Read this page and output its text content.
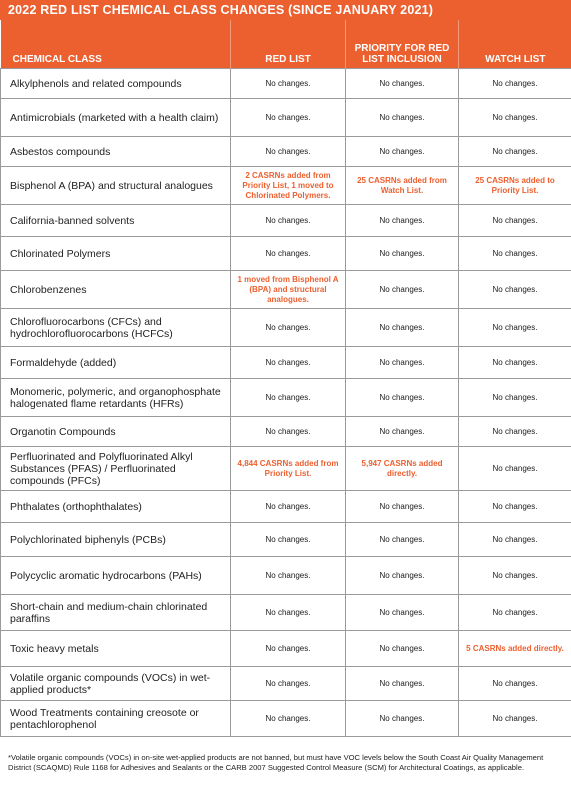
2022 RED LIST CHEMICAL CLASS CHANGES (SINCE JANUARY 2021)
CHEMICAL CLASS	RED LIST	PRIORITY FOR RED LIST INCLUSION	WATCH LIST

Alkylphenols and related compounds	No changes.	No changes.	No changes.
Antimicrobials (marketed with a health claim)	No changes.	No changes.	No changes.
Asbestos compounds	No changes.	No changes.	No changes.
Bisphenol A (BPA) and structural analogues	2 CASRNs added from Priority List, 1 moved to Chlorinated Polymers.	25 CASRNs added from Watch List.	25 CASRNs added to Priority List.
California-banned solvents	No changes.	No changes.	No changes.
Chlorinated Polymers	No changes.	No changes.	No changes.
Chlorobenzenes	1 moved from Bisphenol A (BPA) and structural analogues.	No changes.	No changes.
Chlorofluorocarbons (CFCs) and hydrochlorofluorocarbons (HCFCs)	No changes.	No changes.	No changes.
Formaldehyde (added)	No changes.	No changes.	No changes.
Monomeric, polymeric, and organophosphate halogenated flame retardants (HFRs)	No changes.	No changes.	No changes.
Organotin Compounds	No changes.	No changes.	No changes.
Perfluorinated and Polyfluorinated Alkyl Substances (PFAS) / Perfluorinated compounds (PFCs)	4,844 CASRNs added from Priority List.	5,947 CASRNs added directly.	No changes.
Phthalates (orthophthalates)	No changes.	No changes.	No changes.
Polychlorinated biphenyls (PCBs)	No changes.	No changes.	No changes.
Polycyclic aromatic hydrocarbons (PAHs)	No changes.	No changes.	No changes.
Short-chain and medium-chain chlorinated paraffins	No changes.	No changes.	No changes.
Toxic heavy metals	No changes.	No changes.	5 CASRNs added directly.
Volatile organic compounds (VOCs) in wet-applied products*	No changes.	No changes.	No changes.
Wood Treatments containing creosote or pentachlorophenol	No changes.	No changes.	No changes.
*Volatile organic compounds (VOCs) in on-site wet-applied products are not banned, but must have VOC levels below the South Coast Air Quality Management District (SCAQMD) Rule 1168 for Adhesives and Sealants or the CARB 2007 Suggested Control Measure (SCM) for Architectural Coatings, as applicable.
